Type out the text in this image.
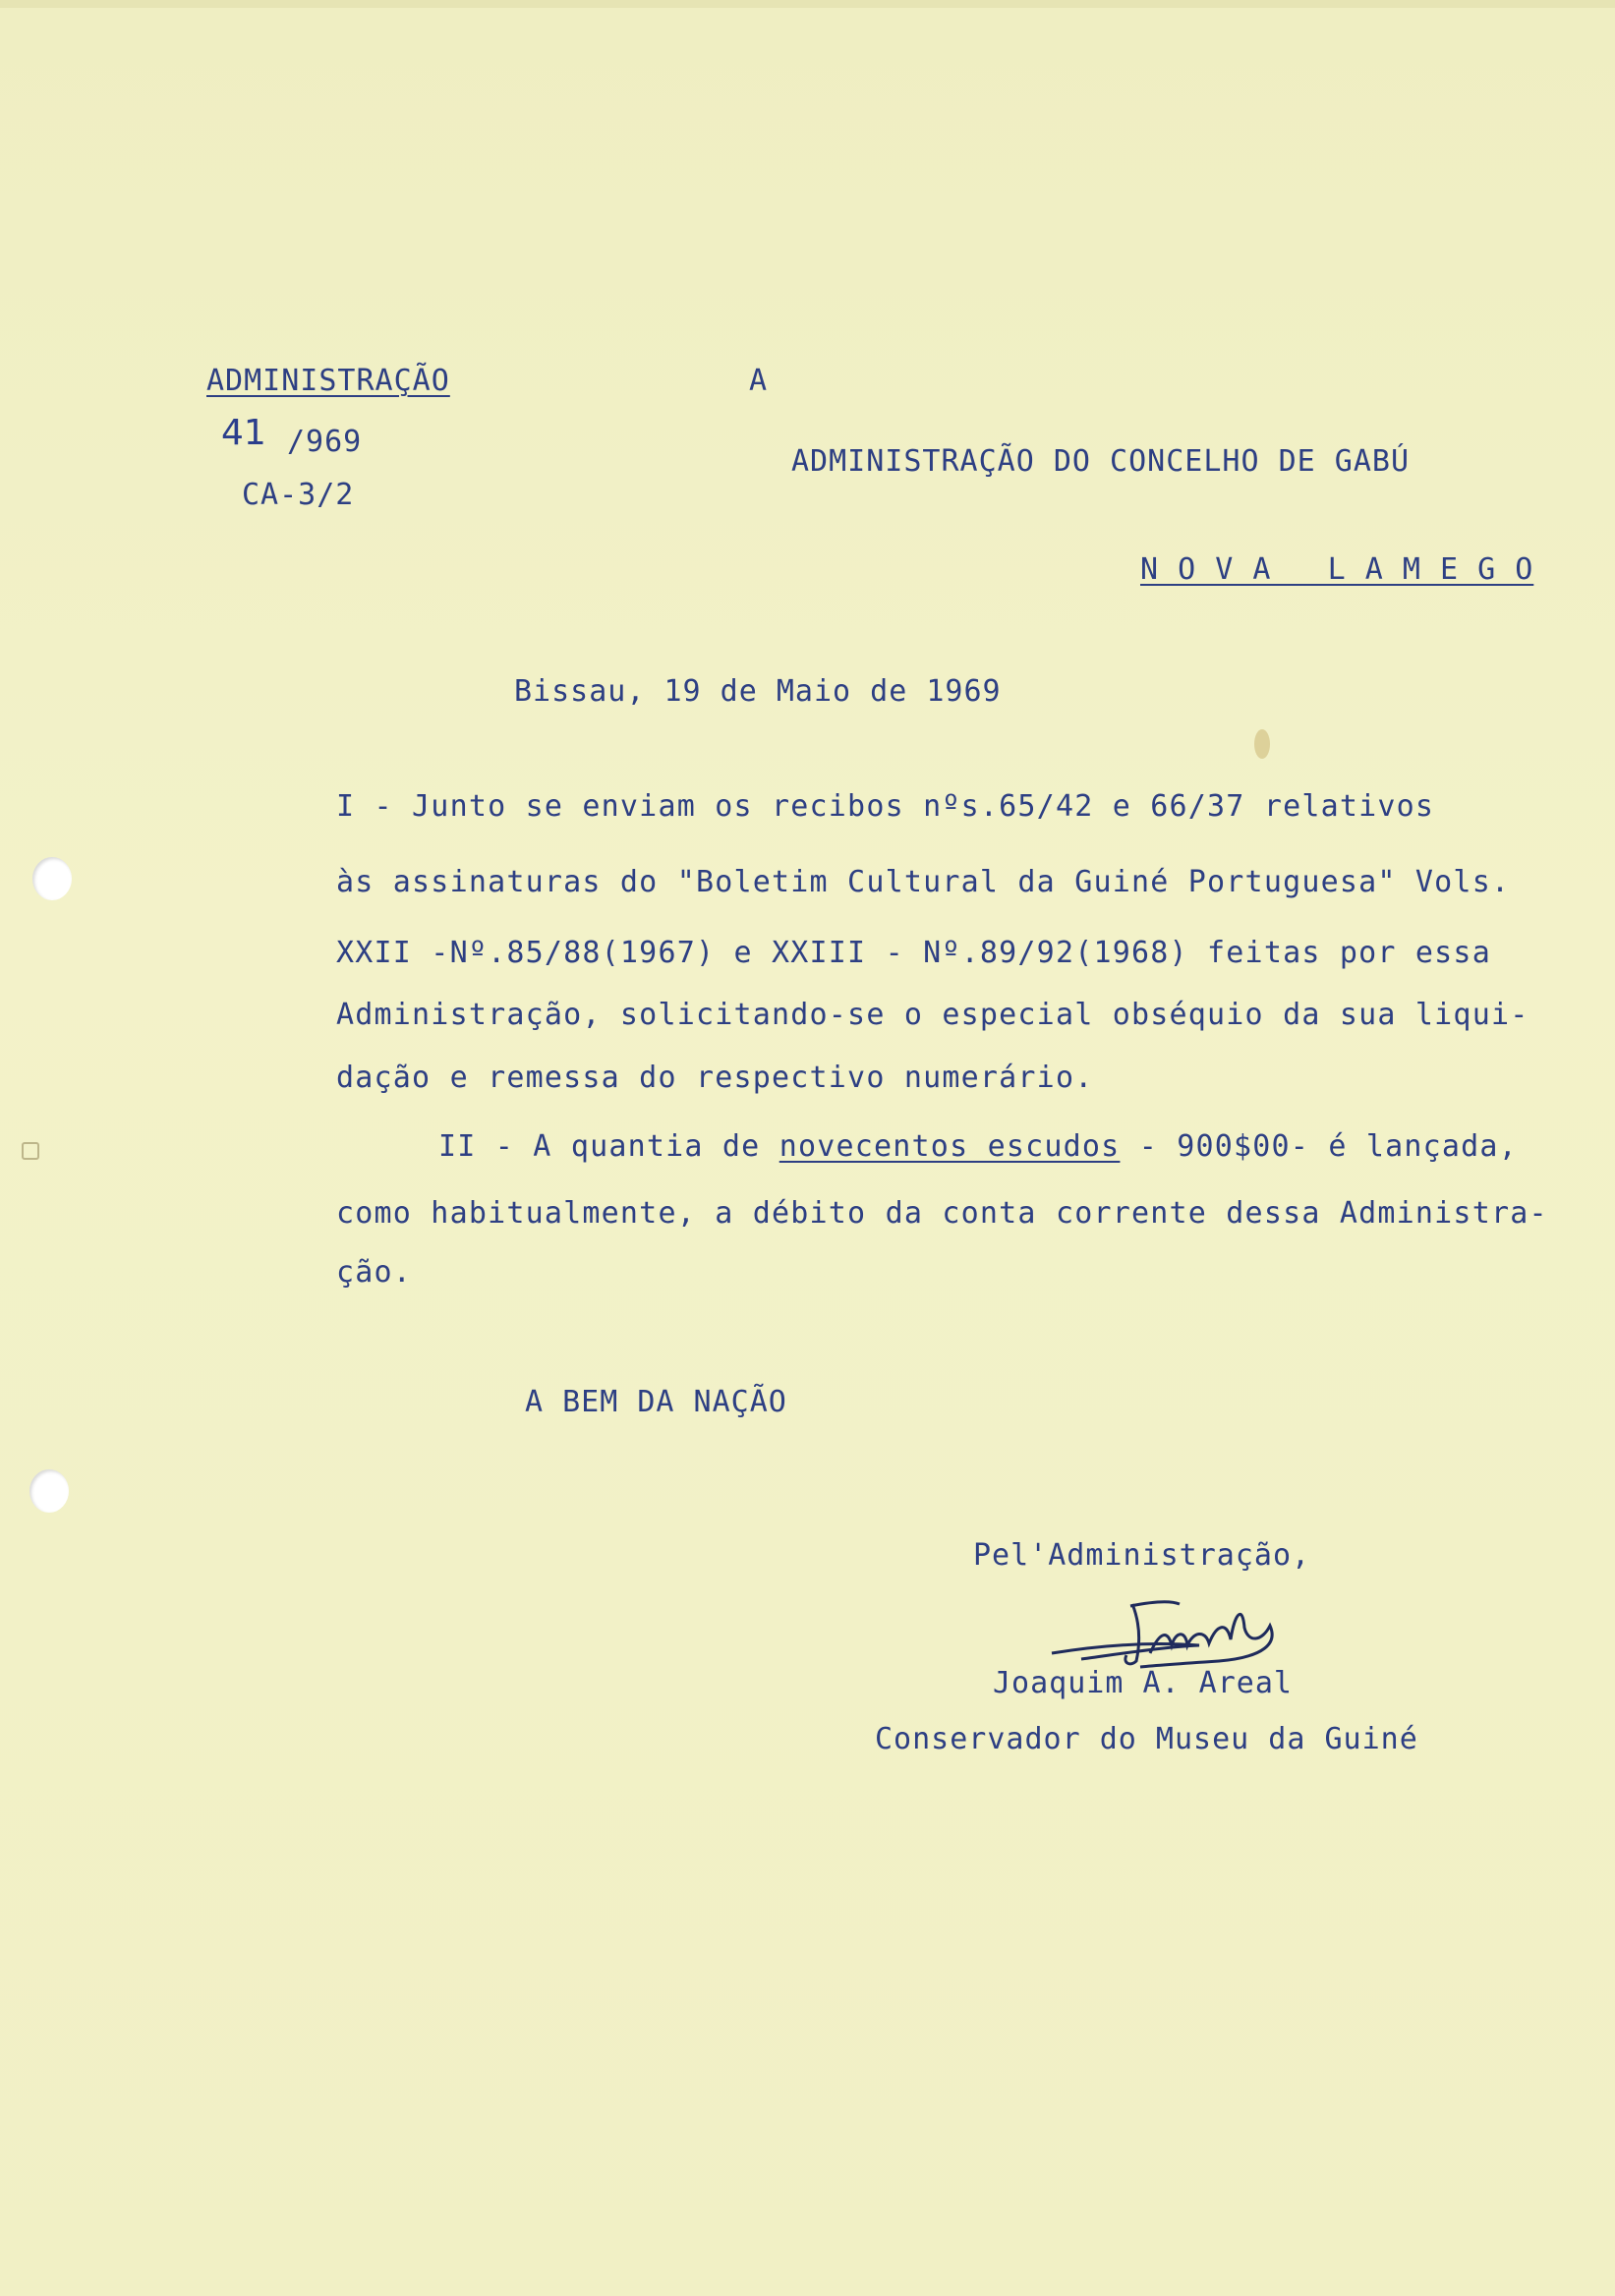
ADMINISTRAÇÃO
41 /969
CA-3/2
A
ADMINISTRAÇÃO DO CONCELHO DE GABÚ
N O V A   L A M E G O
Bissau, 19 de Maio de 1969
I - Junto se enviam os recibos nºs.65/42 e 66/37 relativos
às assinaturas do "Boletim Cultural da Guiné Portuguesa" Vols.
XXII -Nº.85/88(1967) e XXIII - Nº.89/92(1968) feitas por essa
Administração, solicitando-se o especial obséquio da sua liqui-
dação e remessa do respectivo numerário.
II - A quantia de novecentos escudos - 900$00- é lançada,
como habitualmente, a débito da conta corrente dessa Administra-
ção.
A BEM DA NAÇÃO
Pel'Administração,
Joaquim A. Areal
Conservador do Museu da Guiné
